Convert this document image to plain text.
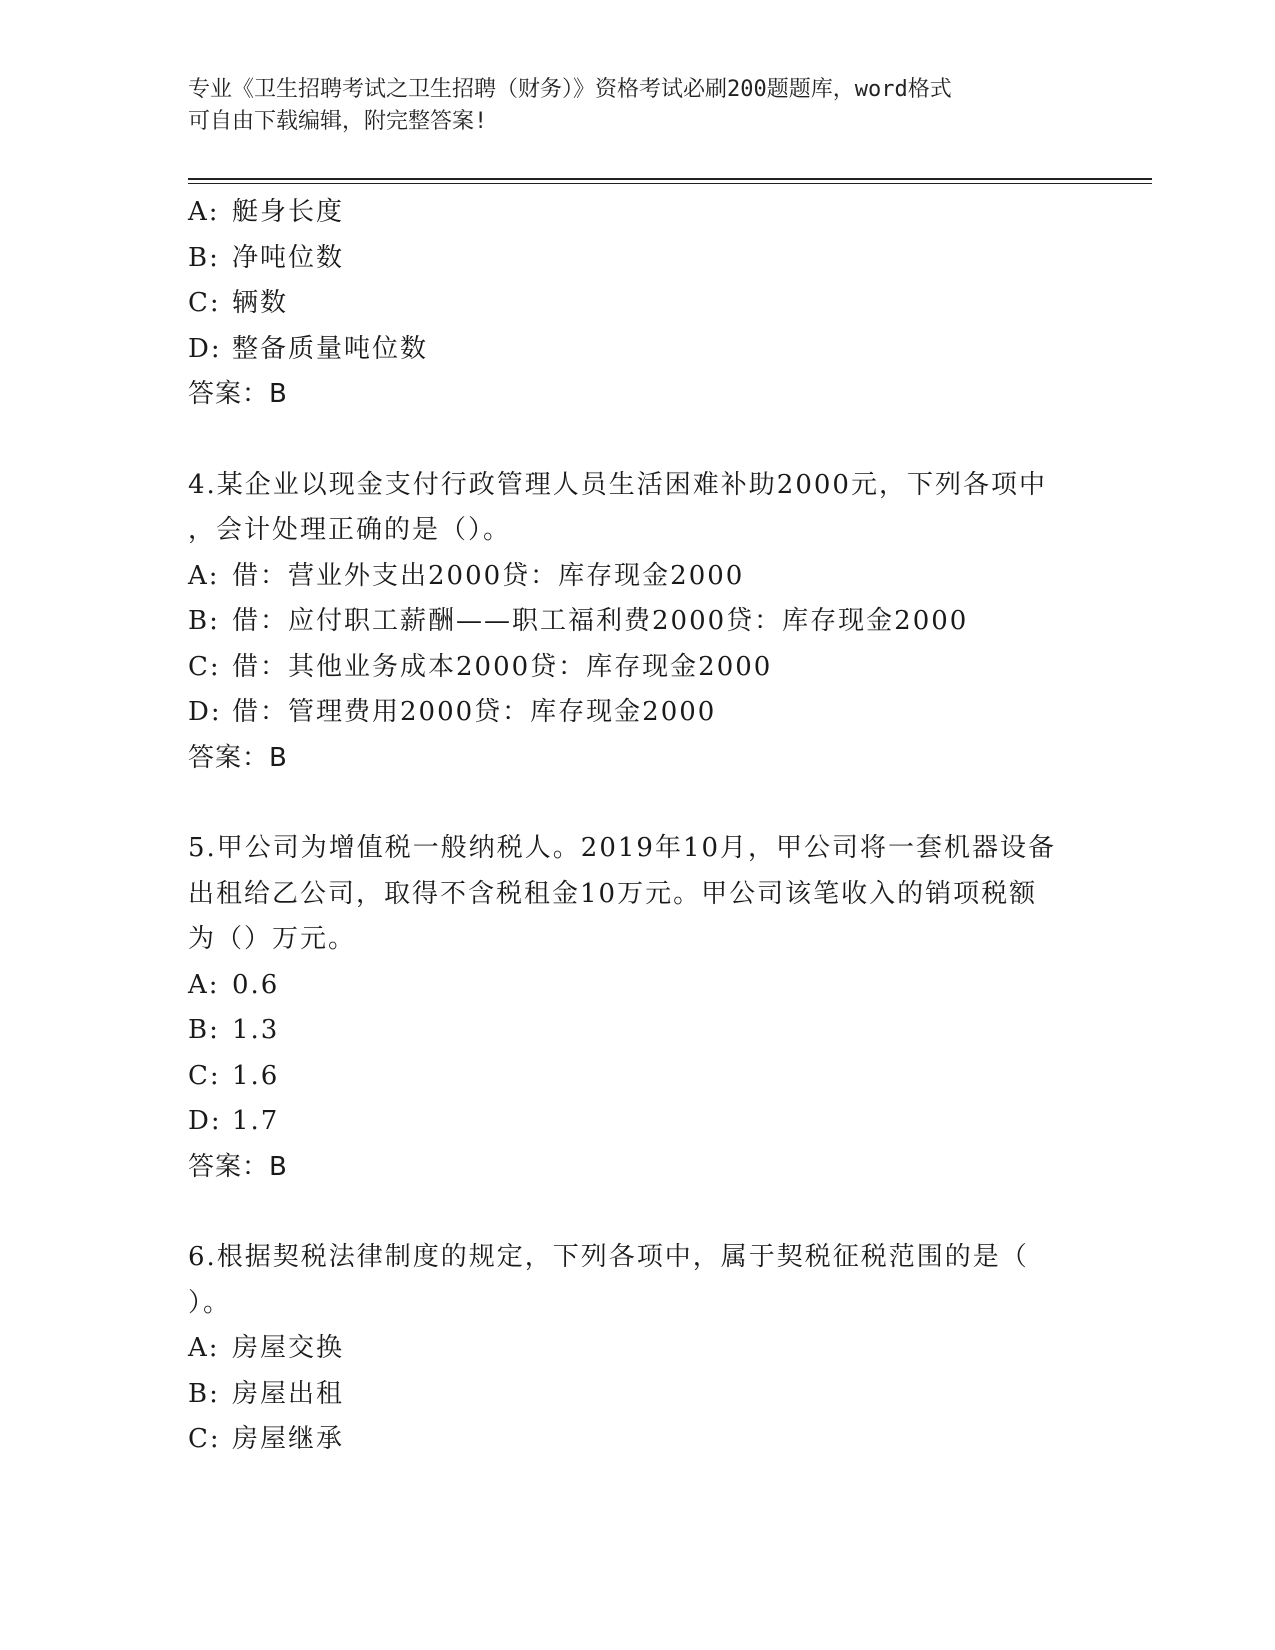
专业《卫生招聘考试之卫生招聘（财务）》资格考试必刷200题题库，word格式
可自由下载编辑，附完整答案!
A: 艇身长度
B: 净吨位数
C: 辆数
D: 整备质量吨位数
答案：B
4.某企业以现金支付行政管理人员生活困难补助2000元，下列各项中
，会计处理正确的是（）。
A: 借：营业外支出2000贷：库存现金2000
B: 借：应付职工薪酬——职工福利费2000贷：库存现金2000
C: 借：其他业务成本2000贷：库存现金2000
D: 借：管理费用2000贷：库存现金2000
答案：B
5.甲公司为增值税一般纳税人。2019年10月，甲公司将一套机器设备
出租给乙公司，取得不含税租金10万元。甲公司该笔收入的销项税额
为（）万元。
A: 0.6
B: 1.3
C: 1.6
D: 1.7
答案：B
6.根据契税法律制度的规定，下列各项中，属于契税征税范围的是（
）。
A: 房屋交换
B: 房屋出租
C: 房屋继承
